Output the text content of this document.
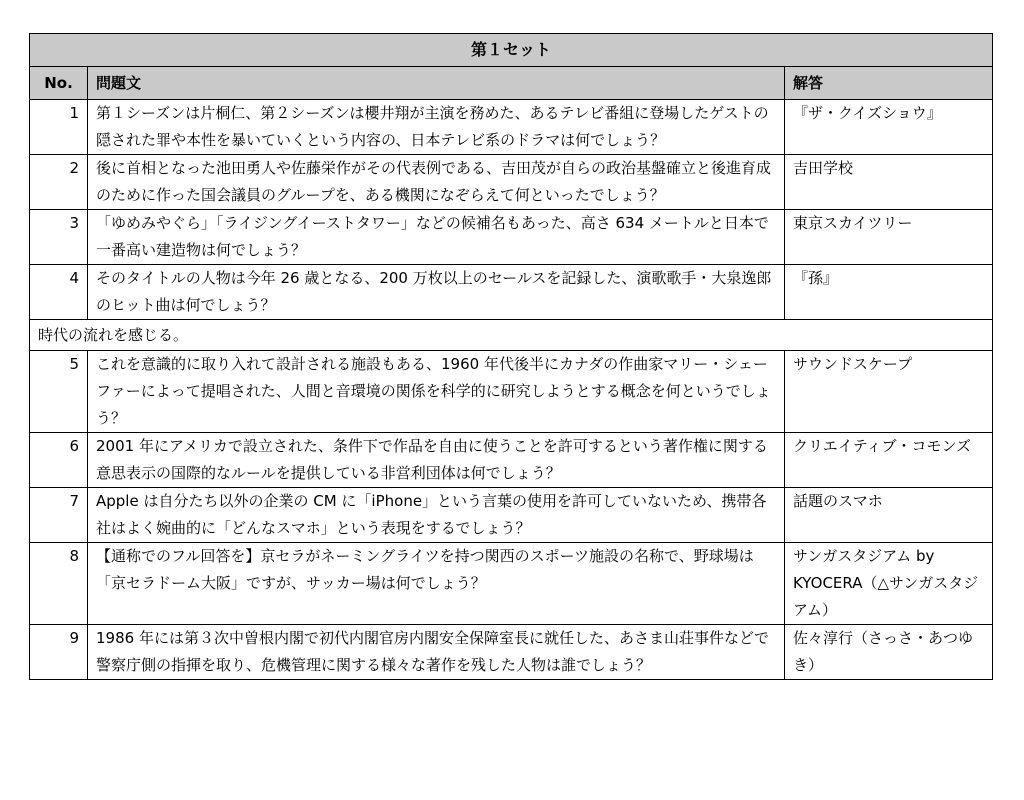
第１セット		
No.	問題文	解答
1	第１シーズンは片桐仁、第２シーズンは櫻井翔が主演を務めた、あるテレビ番組に登場したゲストの隠された罪や本性を暴いていくという内容の、日本テレビ系のドラマは何でしょう？	『ザ・クイズショウ』
2	後に首相となった池田勇人や佐藤栄作がその代表例である、吉田茂が自らの政治基盤確立と後進育成のために作った国会議員のグループを、ある機関になぞらえて何といったでしょう？	吉田学校
3	「ゆめみやぐら」「ライジングイーストタワー」などの候補名もあった、高さ 634 メートルと日本で一番高い建造物は何でしょう？	東京スカイツリー
4	そのタイトルの人物は今年 26 歳となる、200 万枚以上のセールスを記録した、演歌歌手・大泉逸郎のヒット曲は何でしょう？	『孫』
時代の流れを感じる。		
5	これを意識的に取り入れて設計される施設もある、1960 年代後半にカナダの作曲家マリー・シェーファーによって提唱された、人間と音環境の関係を科学的に研究しようとする概念を何というでしょう？	サウンドスケープ
6	2001 年にアメリカで設立された、条件下で作品を自由に使うことを許可するという著作権に関する意思表示の国際的なルールを提供している非営利団体は何でしょう？	クリエイティブ・コモンズ
7	Apple は自分たち以外の企業の CM に「iPhone」という言葉の使用を許可していないため、携帯各社はよく婉曲的に「どんなスマホ」という表現をするでしょう？	話題のスマホ
8	【通称でのフル回答を】京セラがネーミングライツを持つ関西のスポーツ施設の名称で、野球場は「京セラドーム大阪」ですが、サッカー場は何でしょう？	サンガスタジアム by KYOCERA（△サンガスタジアム）
9	1986 年には第３次中曽根内閣で初代内閣官房内閣安全保障室長に就任した、あさま山荘事件などで警察庁側の指揮を取り、危機管理に関する様々な著作を残した人物は誰でしょう？	佐々淳行（さっさ・あつゆき）
